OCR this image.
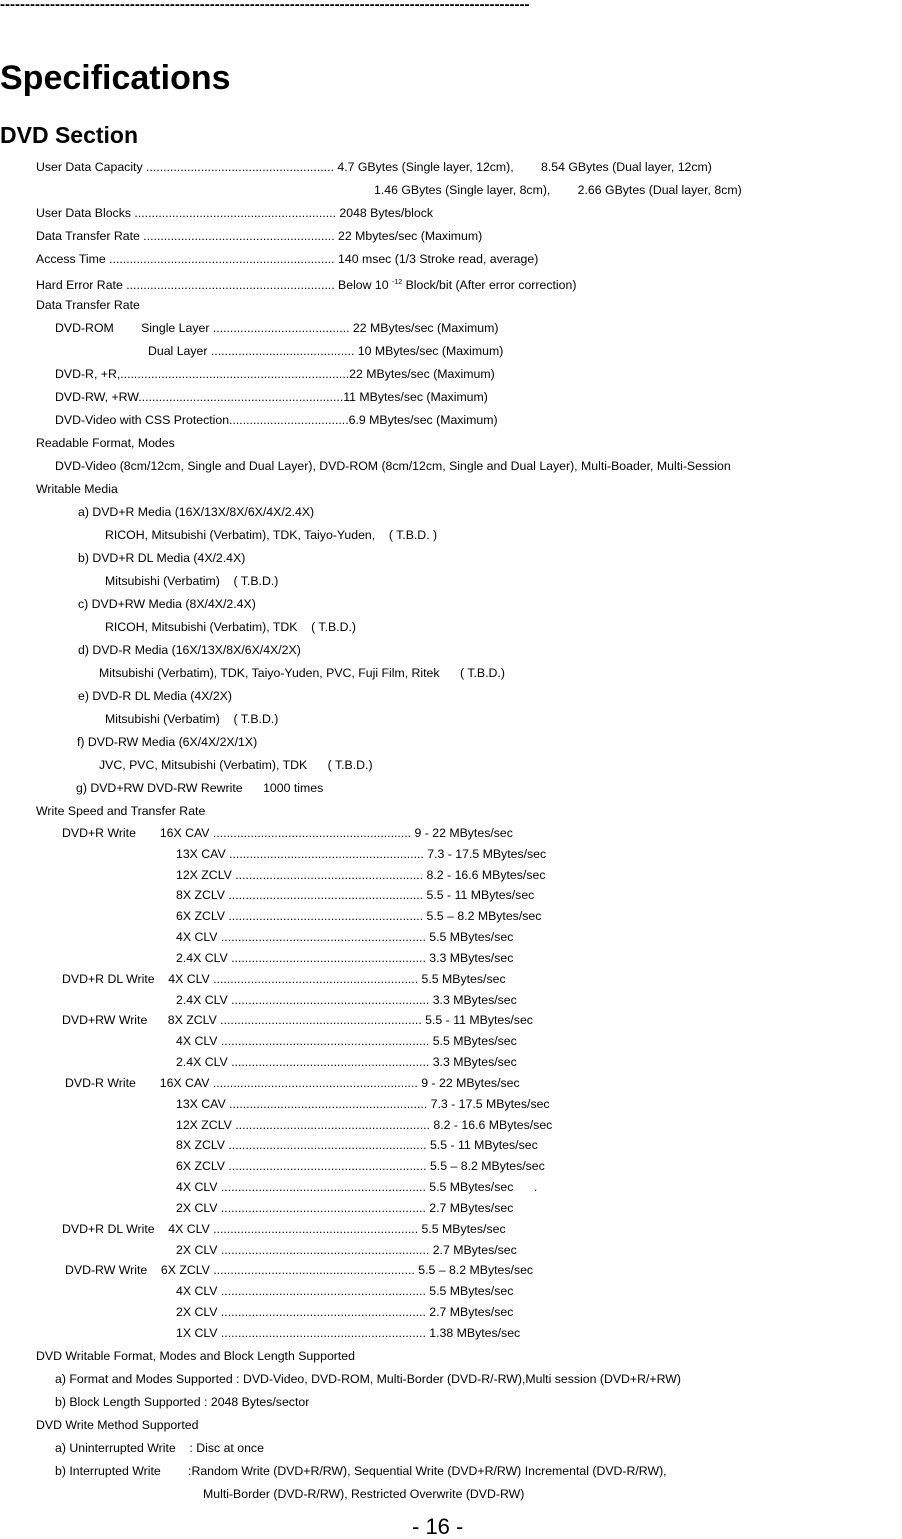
----------------------------------------------------------------------------------------------------------
Specifications
DVD Section
User Data Capacity ....................................................... 4.7 GBytes (Single layer, 12cm),        8.54 GBytes (Dual layer, 12cm)
1.46 GBytes (Single layer, 8cm),        2.66 GBytes (Dual layer, 8cm)
User Data Blocks ........................................................... 2048 Bytes/block
Data Transfer Rate ........................................................ 22 Mbytes/sec (Maximum)
Access Time .................................................................. 140 msec (1/3 Stroke read, average)
Hard Error Rate ............................................................. Below 10 $^{-12}$ Block/bit (After error correction)
Data Transfer Rate
DVD-ROM        Single Layer ........................................ 22 MBytes/sec (Maximum)
Dual Layer .......................................... 10 MBytes/sec (Maximum)
DVD-R, +R,...................................................................22 MBytes/sec (Maximum)
DVD-RW, +RW............................................................11 MBytes/sec (Maximum)
DVD-Video with CSS Protection...................................6.9 MBytes/sec (Maximum)
Readable Format, Modes
DVD-Video (8cm/12cm, Single and Dual Layer), DVD-ROM (8cm/12cm, Single and Dual Layer), Multi-Boader, Multi-Session
Writable Media
a) DVD+R Media (16X/13X/8X/6X/4X/2.4X)
RICOH, Mitsubishi (Verbatim), TDK, Taiyo-Yuden,    ( T.B.D. )
b) DVD+R DL Media (4X/2.4X)
Mitsubishi (Verbatim)    ( T.B.D.)
c) DVD+RW Media (8X/4X/2.4X)
RICOH, Mitsubishi (Verbatim), TDK    ( T.B.D.)
d) DVD-R Media (16X/13X/8X/6X/4X/2X)
Mitsubishi (Verbatim), TDK, Taiyo-Yuden, PVC, Fuji Film, Ritek      ( T.B.D.)
e) DVD-R DL Media (4X/2X)
Mitsubishi (Verbatim)    ( T.B.D.)
f) DVD-RW Media (6X/4X/2X/1X)
JVC, PVC, Mitsubishi (Verbatim), TDK      ( T.B.D.)
g) DVD+RW DVD-RW Rewrite      1000 times
Write Speed and Transfer Rate
DVD+R Write       16X CAV .......................................................... 9 - 22 MBytes/sec
13X CAV ......................................................... 7.3 - 17.5 MBytes/sec
12X ZCLV ....................................................... 8.2 - 16.6 MBytes/sec
8X ZCLV ......................................................... 5.5 - 11 MBytes/sec
6X ZCLV ......................................................... 5.5 – 8.2 MBytes/sec
4X CLV ............................................................ 5.5 MBytes/sec
2.4X CLV ......................................................... 3.3 MBytes/sec
DVD+R DL Write    4X CLV ............................................................ 5.5 MBytes/sec
2.4X CLV .......................................................... 3.3 MBytes/sec
DVD+RW Write      8X ZCLV ........................................................... 5.5 - 11 MBytes/sec
4X CLV ............................................................. 5.5 MBytes/sec
2.4X CLV .......................................................... 3.3 MBytes/sec
DVD-R Write       16X CAV ............................................................ 9 - 22 MBytes/sec
13X CAV .......................................................... 7.3 - 17.5 MBytes/sec
12X ZCLV ......................................................... 8.2 - 16.6 MBytes/sec
8X ZCLV .......................................................... 5.5 - 11 MBytes/sec
6X ZCLV .......................................................... 5.5 – 8.2 MBytes/sec
4X CLV ............................................................ 5.5 MBytes/sec      .
2X CLV ............................................................ 2.7 MBytes/sec
DVD+R DL Write    4X CLV ............................................................ 5.5 MBytes/sec
2X CLV ............................................................. 2.7 MBytes/sec
DVD-RW Write    6X ZCLV ........................................................... 5.5 – 8.2 MBytes/sec
4X CLV ............................................................ 5.5 MBytes/sec
2X CLV ............................................................ 2.7 MBytes/sec
1X CLV ............................................................ 1.38 MBytes/sec
DVD Writable Format, Modes and Block Length Supported
a) Format and Modes Supported : DVD-Video, DVD-ROM, Multi-Border (DVD-R/-RW),Multi session (DVD+R/+RW)
b) Block Length Supported : 2048 Bytes/sector
DVD Write Method Supported
a) Uninterrupted Write    : Disc at once
b) Interrupted Write        :Random Write (DVD+R/RW), Sequential Write (DVD+R/RW) Incremental (DVD-R/RW),
Multi-Border (DVD-R/RW), Restricted Overwrite (DVD-RW)
- 16 -
